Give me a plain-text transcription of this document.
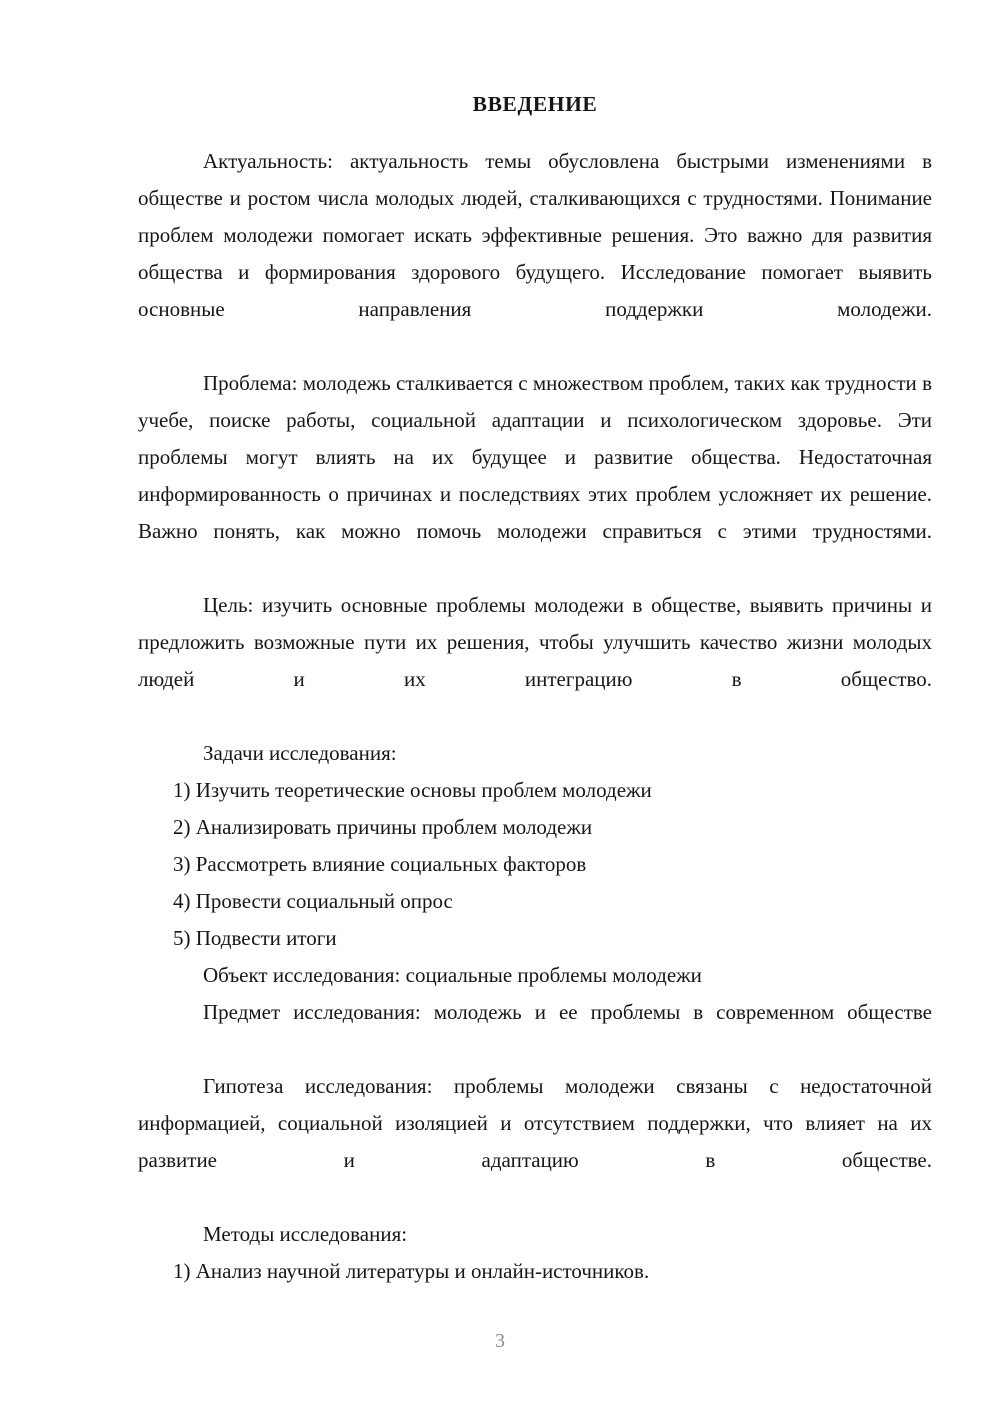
ВВЕДЕНИЕ

Актуальность: актуальность темы обусловлена быстрыми изменениями в обществе и ростом числа молодых людей, сталкивающихся с трудностями. Понимание проблем молодежи помогает искать эффективные решения. Это важно для развития общества и формирования здорового будущего. Исследование помогает выявить основные направления поддержки молодежи.

Проблема: молодежь сталкивается с множеством проблем, таких как трудности в учебе, поиске работы, социальной адаптации и психологическом здоровье. Эти проблемы могут влиять на их будущее и развитие общества. Недостаточная информированность о причинах и последствиях этих проблем усложняет их решение. Важно понять, как можно помочь молодежи справиться с этими трудностями.

Цель: изучить основные проблемы молодежи в обществе, выявить причины и предложить возможные пути их решения, чтобы улучшить качество жизни молодых людей и их интеграцию в общество.

Задачи исследования:

1) Изучить теоретические основы проблем молодежи
2) Анализировать причины проблем молодежи
3) Рассмотреть влияние социальных факторов
4) Провести социальный опрос
5) Подвести итоги

Объект исследования: социальные проблемы молодежи

Предмет исследования: молодежь и ее проблемы в современном обществе

Гипотеза исследования: проблемы молодежи связаны с недостаточной информацией, социальной изоляцией и отсутствием поддержки, что влияет на их развитие и адаптацию в обществе.

Методы исследования:

1) Анализ научной литературы и онлайн-источников.
3
